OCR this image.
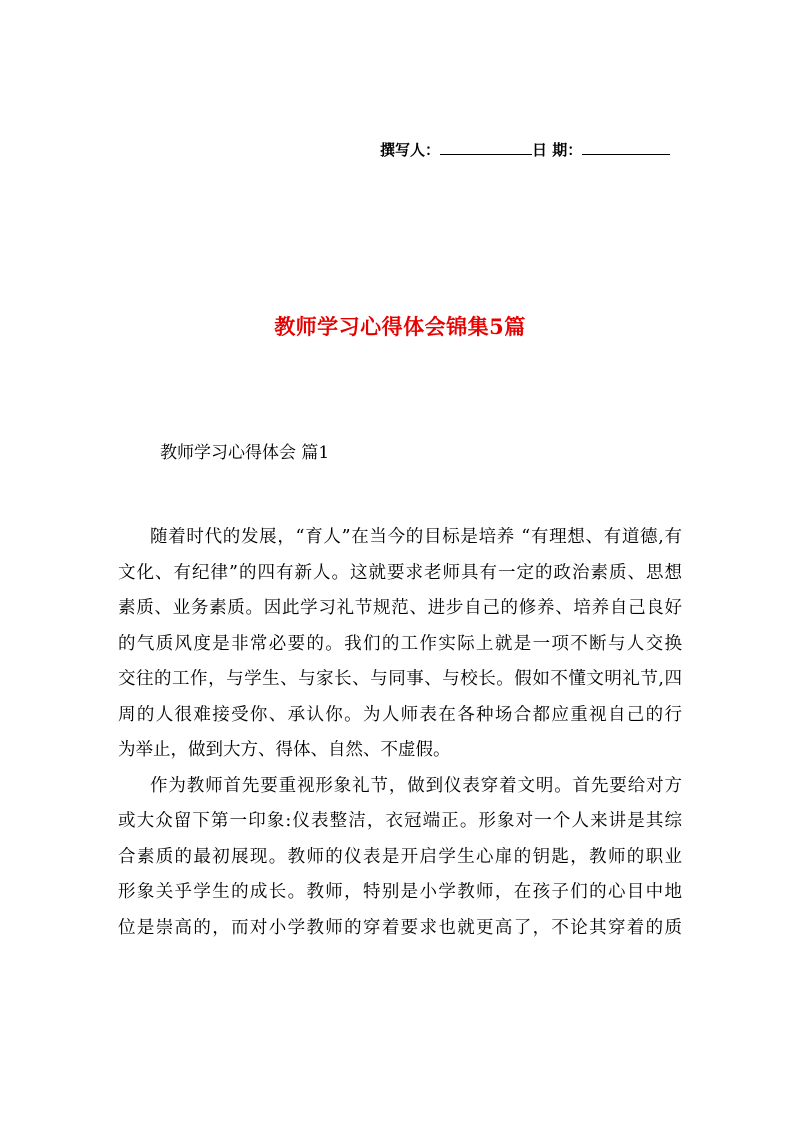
撰写人：	日 期：
教师学习心得体会锦集5篇
教师学习心得体会 篇1
随着时代的发展，“育人”在当今的目标是培养 “有理想、有道德,有
文化、有纪律”的四有新人。这就要求老师具有一定的政治素质、思想
素质、业务素质。因此学习礼节规范、进步自己的修养、培养自己良好
的气质风度是非常必要的。我们的工作实际上就是一项不断与人交换
交往的工作，与学生、与家长、与同事、与校长。假如不懂文明礼节,四
周的人很难接受你、承认你。为人师表在各种场合都应重视自己的行
为举止，做到大方、得体、自然、不虚假。
作为教师首先要重视形象礼节，做到仪表穿着文明。首先要给对方
或大众留下第一印象:仪表整洁，衣冠端正。形象对一个人来讲是其综
合素质的最初展现。教师的仪表是开启学生心扉的钥匙，教师的职业
形象关乎学生的成长。教师，特别是小学教师，在孩子们的心目中地
位是崇高的，而对小学教师的穿着要求也就更高了，不论其穿着的质
